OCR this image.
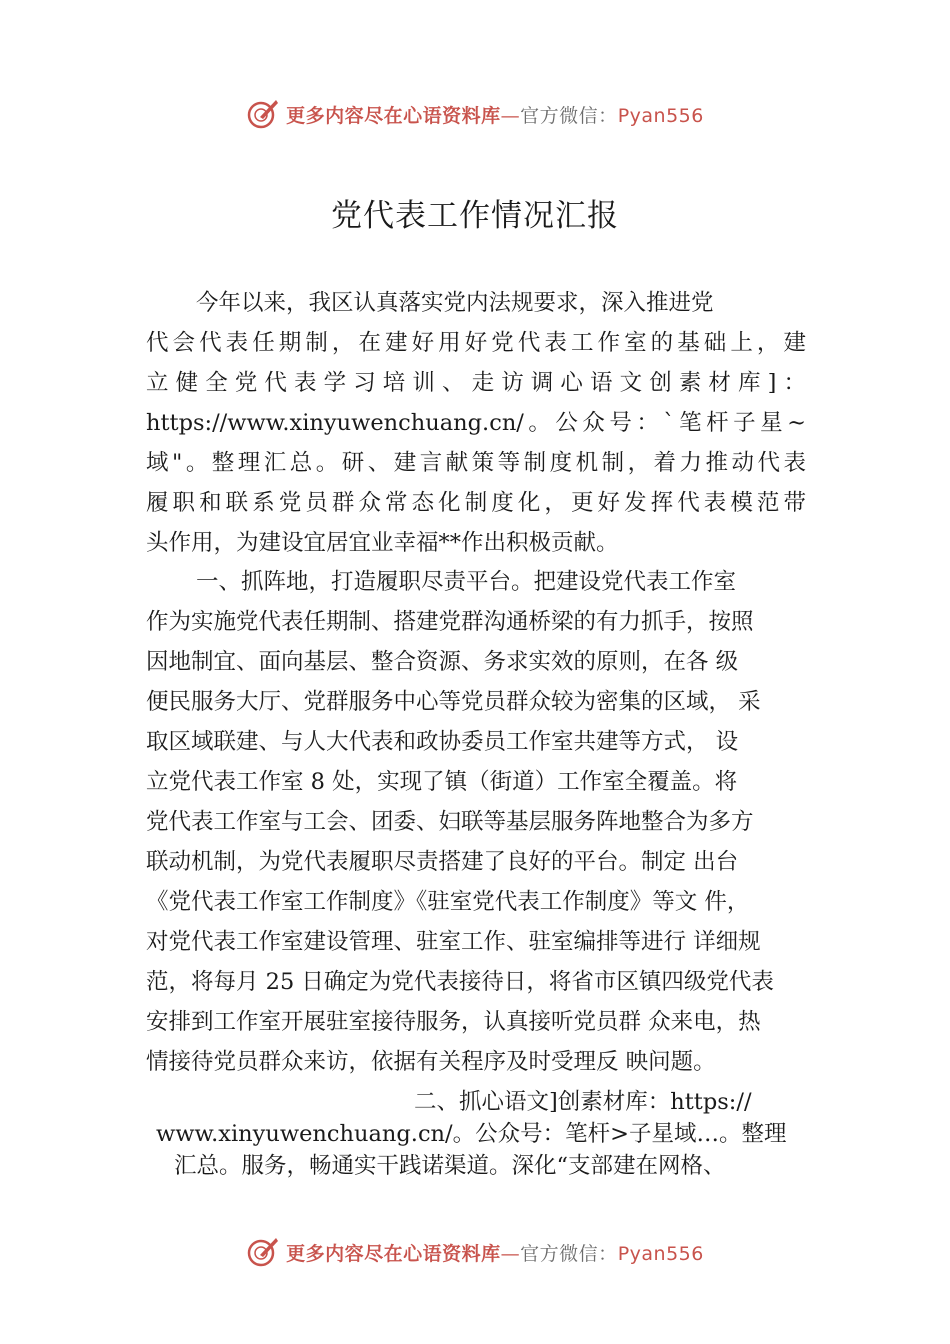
更多内容尽在心语资料库—官方微信：Pyan556
党代表工作情况汇报
今年以来，我区认真落实党内法规要求，深入推进党
代会代表任期制，在建好用好党代表工作室的基础上，建
立健全党代表学习培训、走访调心语文创素材库]：
https://www.xinyuwenchuang.cn/。公众号：`笔杆子星~
域"。整理汇总。研、建言献策等制度机制，着力推动代表
履职和联系党员群众常态化制度化，更好发挥代表模范带
头作用，为建设宜居宜业幸福**作出积极贡献。
一、抓阵地，打造履职尽责平台。把建设党代表工作室
作为实施党代表任期制、搭建党群沟通桥梁的有力抓手，按照
因地制宜、面向基层、整合资源、务求实效的原则，在各 级
便民服务大厅、党群服务中心等党员群众较为密集的区域， 采
取区域联建、与人大代表和政协委员工作室共建等方式， 设
立党代表工作室 8 处，实现了镇（街道）工作室全覆盖。将
党代表工作室与工会、团委、妇联等基层服务阵地整合为多方
联动机制，为党代表履职尽责搭建了良好的平台。制定 出台
《党代表工作室工作制度》《驻室党代表工作制度》等文 件，
对党代表工作室建设管理、驻室工作、驻室编排等进行 详细规
范，将每月 25 日确定为党代表接待日，将省市区镇四级党代表
安排到工作室开展驻室接待服务，认真接听党员群 众来电，热
情接待党员群众来访，依据有关程序及时受理反 映问题。
二、抓心语文]创素材库：https://
www.xinyuwenchuang.cn/。公众号：笔杆>子星域…。整理
汇总。服务，畅通实干践诺渠道。深化“支部建在网格、
更多内容尽在心语资料库—官方微信：Pyan556
